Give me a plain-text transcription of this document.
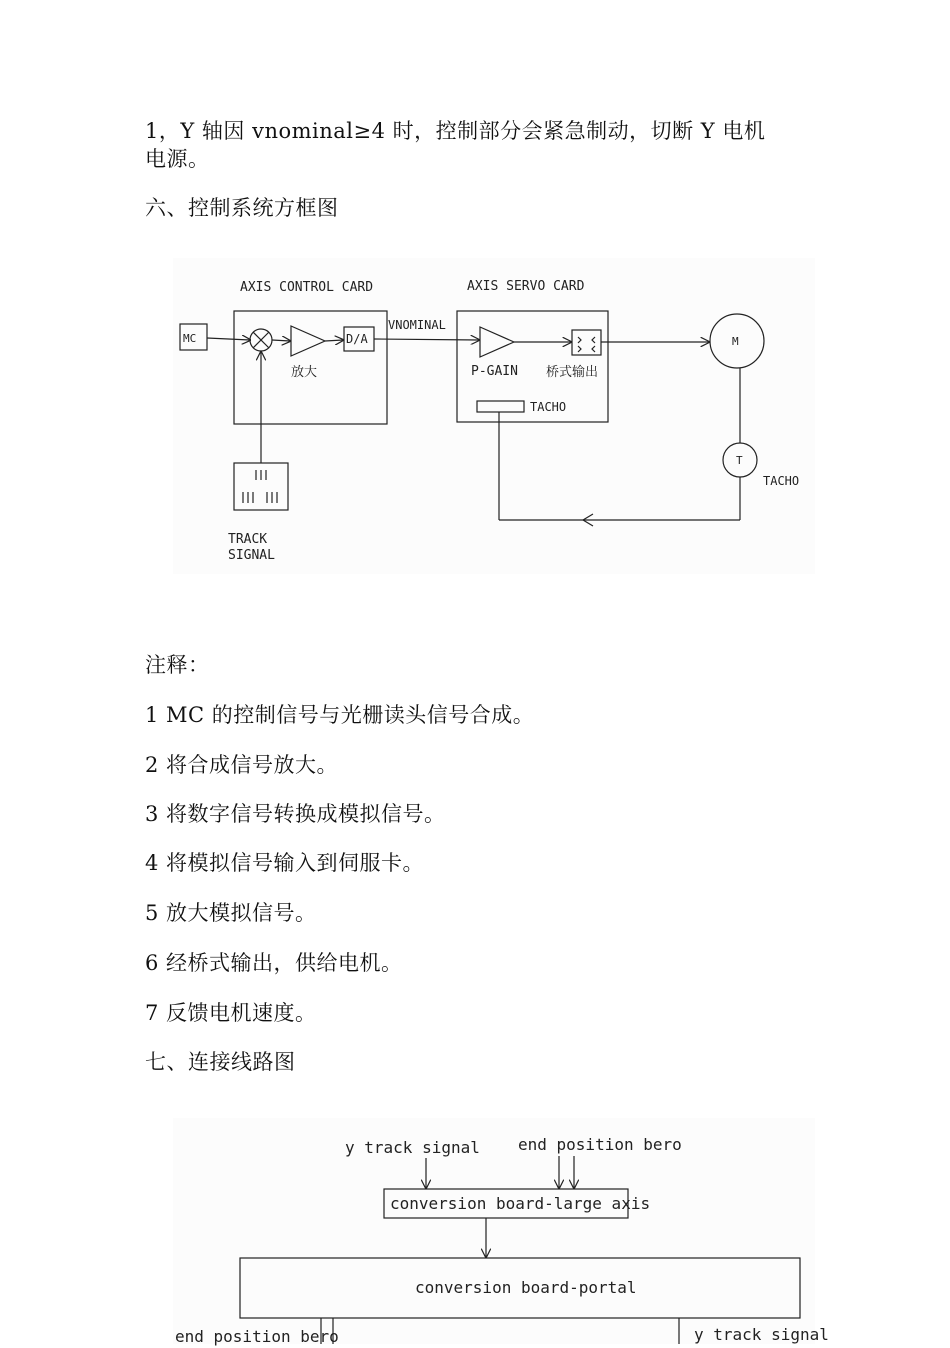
1，Y 轴因 vnominal≥4 时，控制部分会紧急制动，切断 Y 电机

电源。

六、控制系统方框图

AXIS CONTROL CARD	AXIS SERVO CARD
MC	D/A
VNOMINAL
放大	P-GAIN 桥式输出
TACHO
M
T
TACHO
TRACK
SIGNAL

注释：

1 MC 的控制信号与光栅读头信号合成。

2 将合成信号放大。

3 将数字信号转换成模拟信号。

4 将模拟信号输入到伺服卡。

5 放大模拟信号。

6 经桥式输出，供给电机。

7 反馈电机速度。

七、连接线路图

y track signal end position bero
conversion board-large axis
conversion board-portal
end position bero	y track signal
